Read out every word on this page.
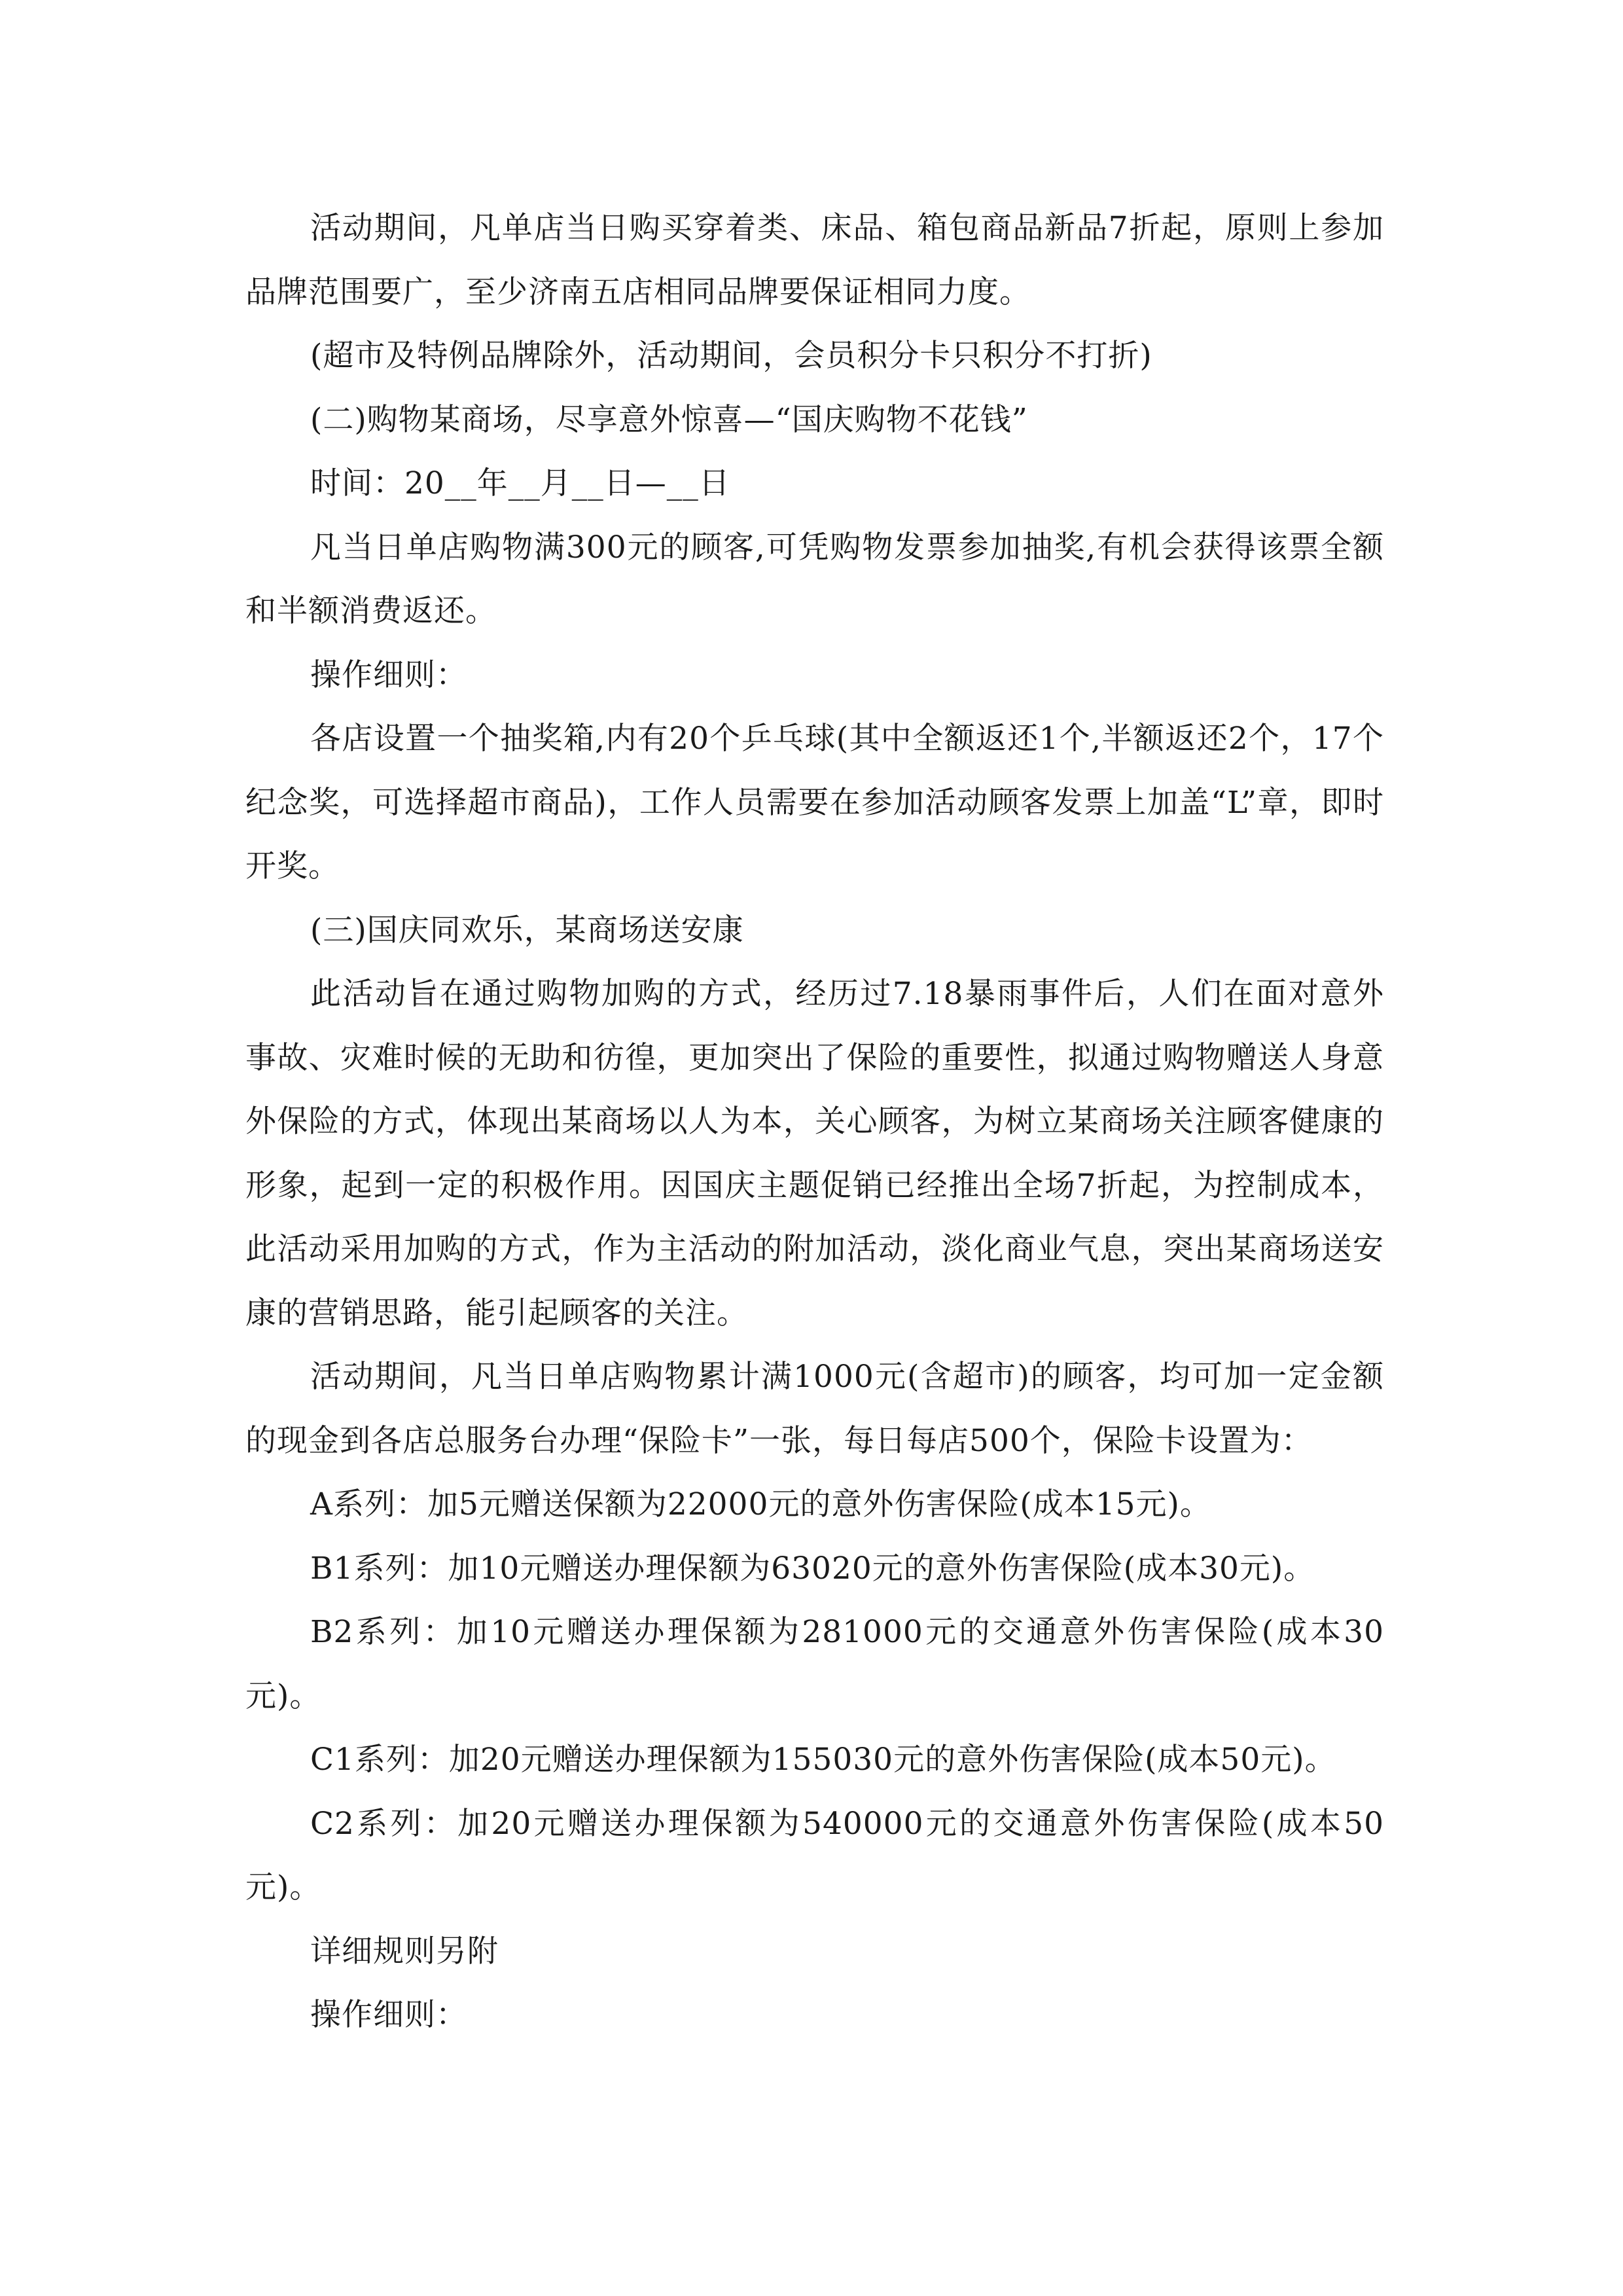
活动期间，凡单店当日购买穿着类、床品、箱包商品新品7折起，原则上参加品牌范围要广，至少济南五店相同品牌要保证相同力度。

(超市及特例品牌除外，活动期间，会员积分卡只积分不打折)

(二)购物某商场，尽享意外惊喜—“国庆购物不花钱”

时间：20__年__月__日—__日

凡当日单店购物满300元的顾客,可凭购物发票参加抽奖,有机会获得该票全额和半额消费返还。

操作细则：

各店设置一个抽奖箱,内有20个乒乓球(其中全额返还1个,半额返还2个，17个纪念奖，可选择超市商品)，工作人员需要在参加活动顾客发票上加盖“L”章，即时开奖。

(三)国庆同欢乐，某商场送安康

此活动旨在通过购物加购的方式，经历过7.18暴雨事件后，人们在面对意外事故、灾难时候的无助和彷徨，更加突出了保险的重要性，拟通过购物赠送人身意外保险的方式，体现出某商场以人为本，关心顾客，为树立某商场关注顾客健康的形象，起到一定的积极作用。因国庆主题促销已经推出全场7折起，为控制成本，此活动采用加购的方式，作为主活动的附加活动，淡化商业气息，突出某商场送安康的营销思路，能引起顾客的关注。

活动期间，凡当日单店购物累计满1000元(含超市)的顾客，均可加一定金额的现金到各店总服务台办理“保险卡”一张，每日每店500个，保险卡设置为：

A系列：加5元赠送保额为22000元的意外伤害保险(成本15元)。

B1系列：加10元赠送办理保额为63020元的意外伤害保险(成本30元)。

B2系列：加10元赠送办理保额为281000元的交通意外伤害保险(成本30元)。

C1系列：加20元赠送办理保额为155030元的意外伤害保险(成本50元)。

C2系列：加20元赠送办理保额为540000元的交通意外伤害保险(成本50元)。

详细规则另附

操作细则：
